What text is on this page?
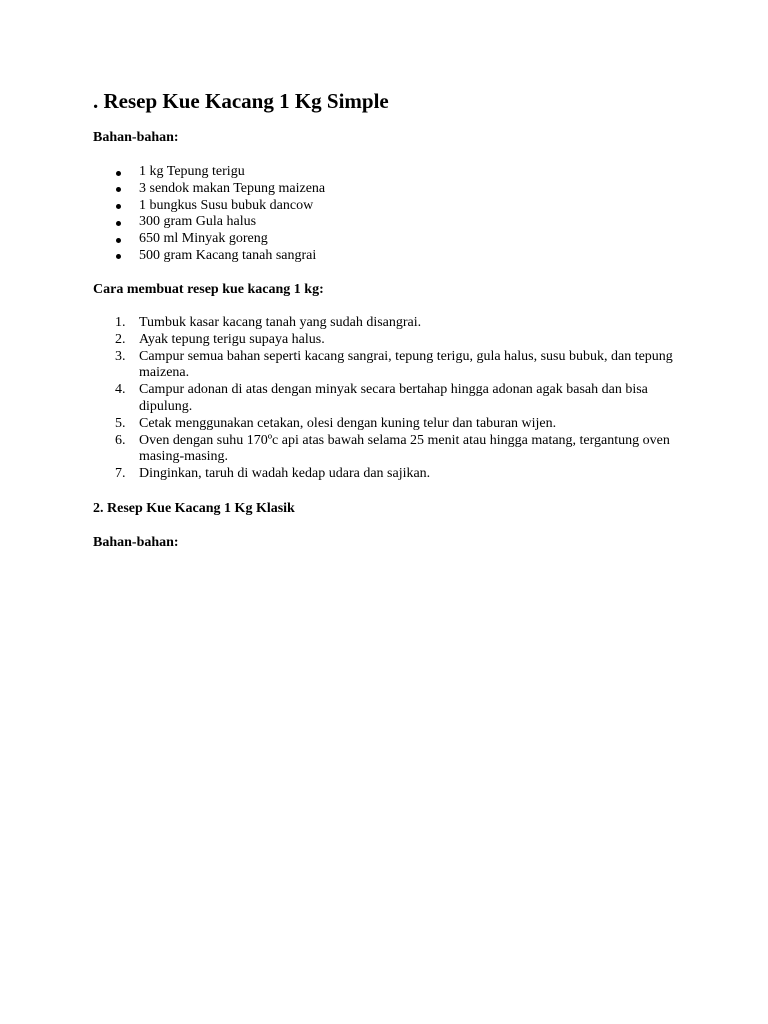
. Resep Kue Kacang 1 Kg Simple

Bahan-bahan:

1 kg Tepung terigu
3 sendok makan Tepung maizena
1 bungkus Susu bubuk dancow
300 gram Gula halus
650 ml Minyak goreng
500 gram Kacang tanah sangrai

Cara membuat resep kue kacang 1 kg:

1. Tumbuk kasar kacang tanah yang sudah disangrai.
2. Ayak tepung terigu supaya halus.
3. Campur semua bahan seperti kacang sangrai, tepung terigu, gula halus, susu bubuk, dan tepung maizena.
4. Campur adonan di atas dengan minyak secara bertahap hingga adonan agak basah dan bisa dipulung.
5. Cetak menggunakan cetakan, olesi dengan kuning telur dan taburan wijen.
6. Oven dengan suhu 170ºc api atas bawah selama 25 menit atau hingga matang, tergantung oven masing-masing.
7. Dinginkan, taruh di wadah kedap udara dan sajikan.

2. Resep Kue Kacang 1 Kg Klasik

Bahan-bahan:
